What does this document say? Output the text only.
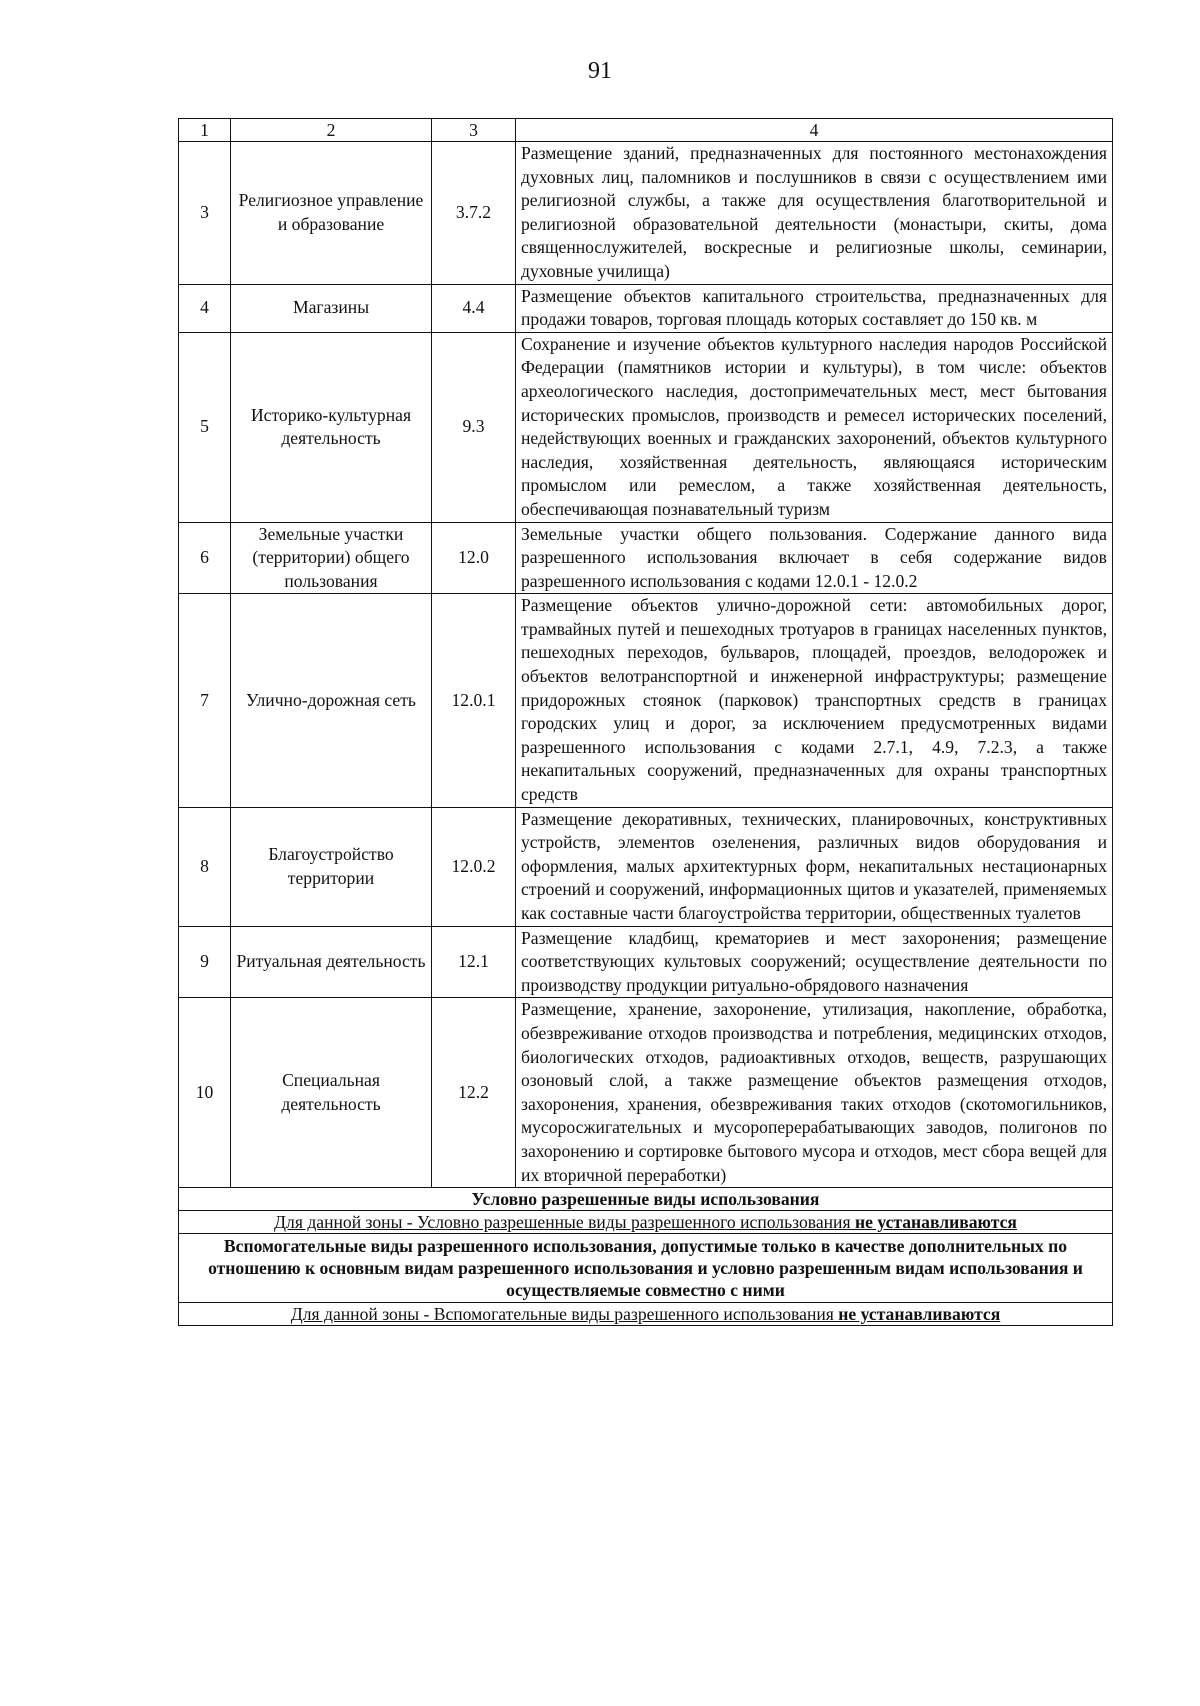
91
1	2	3	4
3	Религиозное управление и образование	3.7.2	Размещение зданий, предназначенных для постоянного местонахождения духовных лиц, паломников и послушников в связи с осуществлением ими религиозной службы, а также для осуществления благотворительной и религиозной образовательной деятельности (монастыри, скиты, дома священнослужителей, воскресные и религиозные школы, семинарии, духовные училища)
4	Магазины	4.4	Размещение объектов капитального строительства, предназначенных для продажи товаров, торговая площадь которых составляет до 150 кв. м
5	Историко-культурная деятельность	9.3	Сохранение и изучение объектов культурного наследия народов Российской Федерации (памятников истории и культуры), в том числе: объектов археологического наследия, достопримечательных мест, мест бытования исторических промыслов, производств и ремесел исторических поселений, недействующих военных и гражданских захоронений, объектов культурного наследия, хозяйственная деятельность, являющаяся историческим промыслом или ремеслом, а также хозяйственная деятельность, обеспечивающая познавательный туризм
6	Земельные участки (территории) общего пользования	12.0	Земельные участки общего пользования. Содержание данного вида разрешенного использования включает в себя содержание видов разрешенного использования с кодами 12.0.1 - 12.0.2
7	Улично-дорожная сеть	12.0.1	Размещение объектов улично-дорожной сети: автомобильных дорог, трамвайных путей и пешеходных тротуаров в границах населенных пунктов, пешеходных переходов, бульваров, площадей, проездов, велодорожек и объектов велотранспортной и инженерной инфраструктуры; размещение придорожных стоянок (парковок) транспортных средств в границах городских улиц и дорог, за исключением предусмотренных видами разрешенного использования с кодами 2.7.1, 4.9, 7.2.3, а также некапитальных сооружений, предназначенных для охраны транспортных средств
8	Благоустройство территории	12.0.2	Размещение декоративных, технических, планировочных, конструктивных устройств, элементов озеленения, различных видов оборудования и оформления, малых архитектурных форм, некапитальных нестационарных строений и сооружений, информационных щитов и указателей, применяемых как составные части благоустройства территории, общественных туалетов
9	Ритуальная деятельность	12.1	Размещение кладбищ, крематориев и мест захоронения; размещение соответствующих культовых сооружений; осуществление деятельности по производству продукции ритуально-обрядового назначения
10	Специальная деятельность	12.2	Размещение, хранение, захоронение, утилизация, накопление, обработка, обезвреживание отходов производства и потребления, медицинских отходов, биологических отходов, радиоактивных отходов, веществ, разрушающих озоновый слой, а также размещение объектов размещения отходов, захоронения, хранения, обезвреживания таких отходов (скотомогильников, мусоросжигательных и мусороперерабатывающих заводов, полигонов по захоронению и сортировке бытового мусора и отходов, мест сбора вещей для их вторичной переработки)
Условно разрешенные виды использования			
Для данной зоны - Условно разрешенные виды разрешенного использования не устанавливаются			
Вспомогательные виды разрешенного использования, допустимые только в качестве дополнительных по отношению к основным видам разрешенного использования и условно разрешенным видам использования и осуществляемые совместно с ними			
Для данной зоны - Вспомогательные виды разрешенного использования не устанавливаются			
